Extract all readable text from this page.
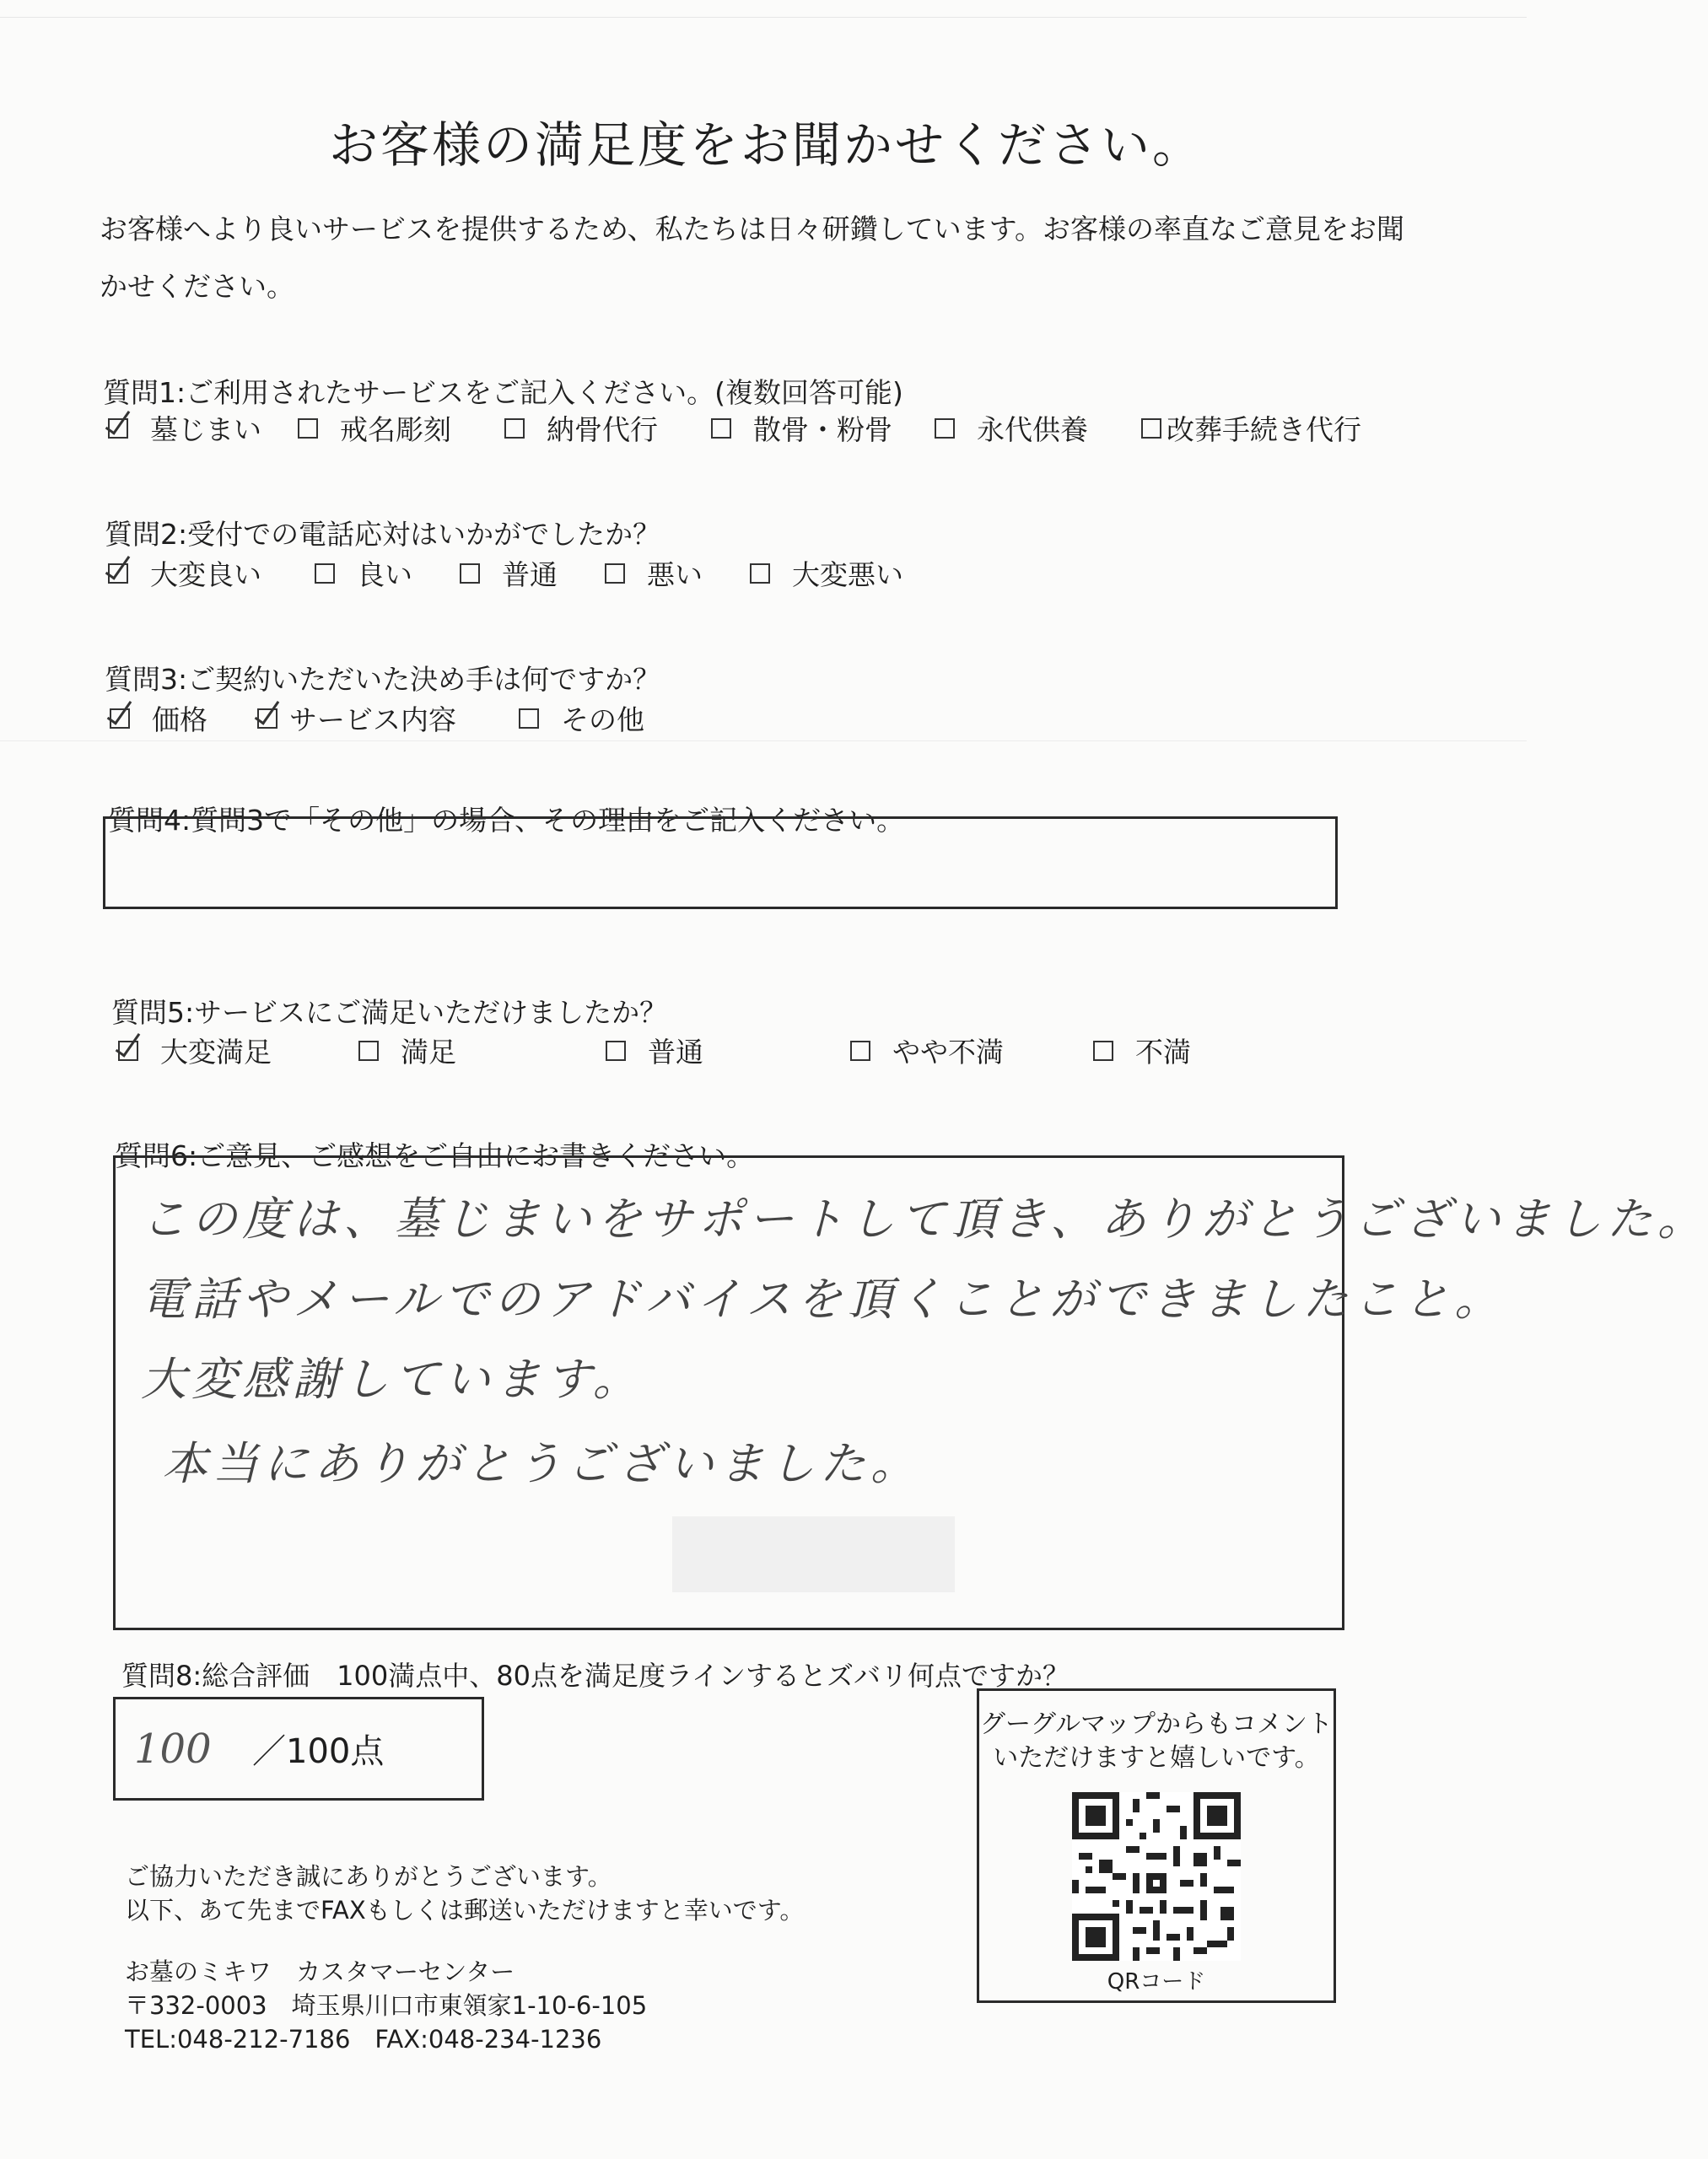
お客様の満足度をお聞かせください。
お客様へより良いサービスを提供するため、私たちは日々研鑽しています。お客様の率直なご意見をお聞かせください。
質問1:ご利用されたサービスをご記入ください。(複数回答可能)
墓じまい	戒名彫刻	納骨代行	散骨・粉骨	永代供養	改葬手続き代行
質問2:受付での電話応対はいかがでしたか？
大変良い	良い	普通	悪い	大変悪い
質問3:ご契約いただいた決め手は何ですか？
価格	サービス内容	その他
質問4:質問3で「その他」の場合、その理由をご記入ください。
質問5:サービスにご満足いただけましたか？
大変満足	満足	普通	やや不満	不満
質問6:ご意見、ご感想をご自由にお書きください。
この度は、墓じまいをサポートして頂き、ありがとうございました。
電話やメールでのアドバイスを頂くことができましたこと。
大変感謝しています。
本当にありがとうございました。
質問8:総合評価　100満点中、80点を満足度ラインするとズバリ何点ですか？
100	／100点
グーグルマップからもコメントいただけますと嬉しいです。
QRコード
ご協力いただき誠にありがとうございます。
以下、あて先までFAXもしくは郵送いただけますと幸いです。
お墓のミキワ　カスタマーセンター
〒332-0003　埼玉県川口市東領家1-10-6-105
TEL:048-212-7186　FAX:048-234-1236
